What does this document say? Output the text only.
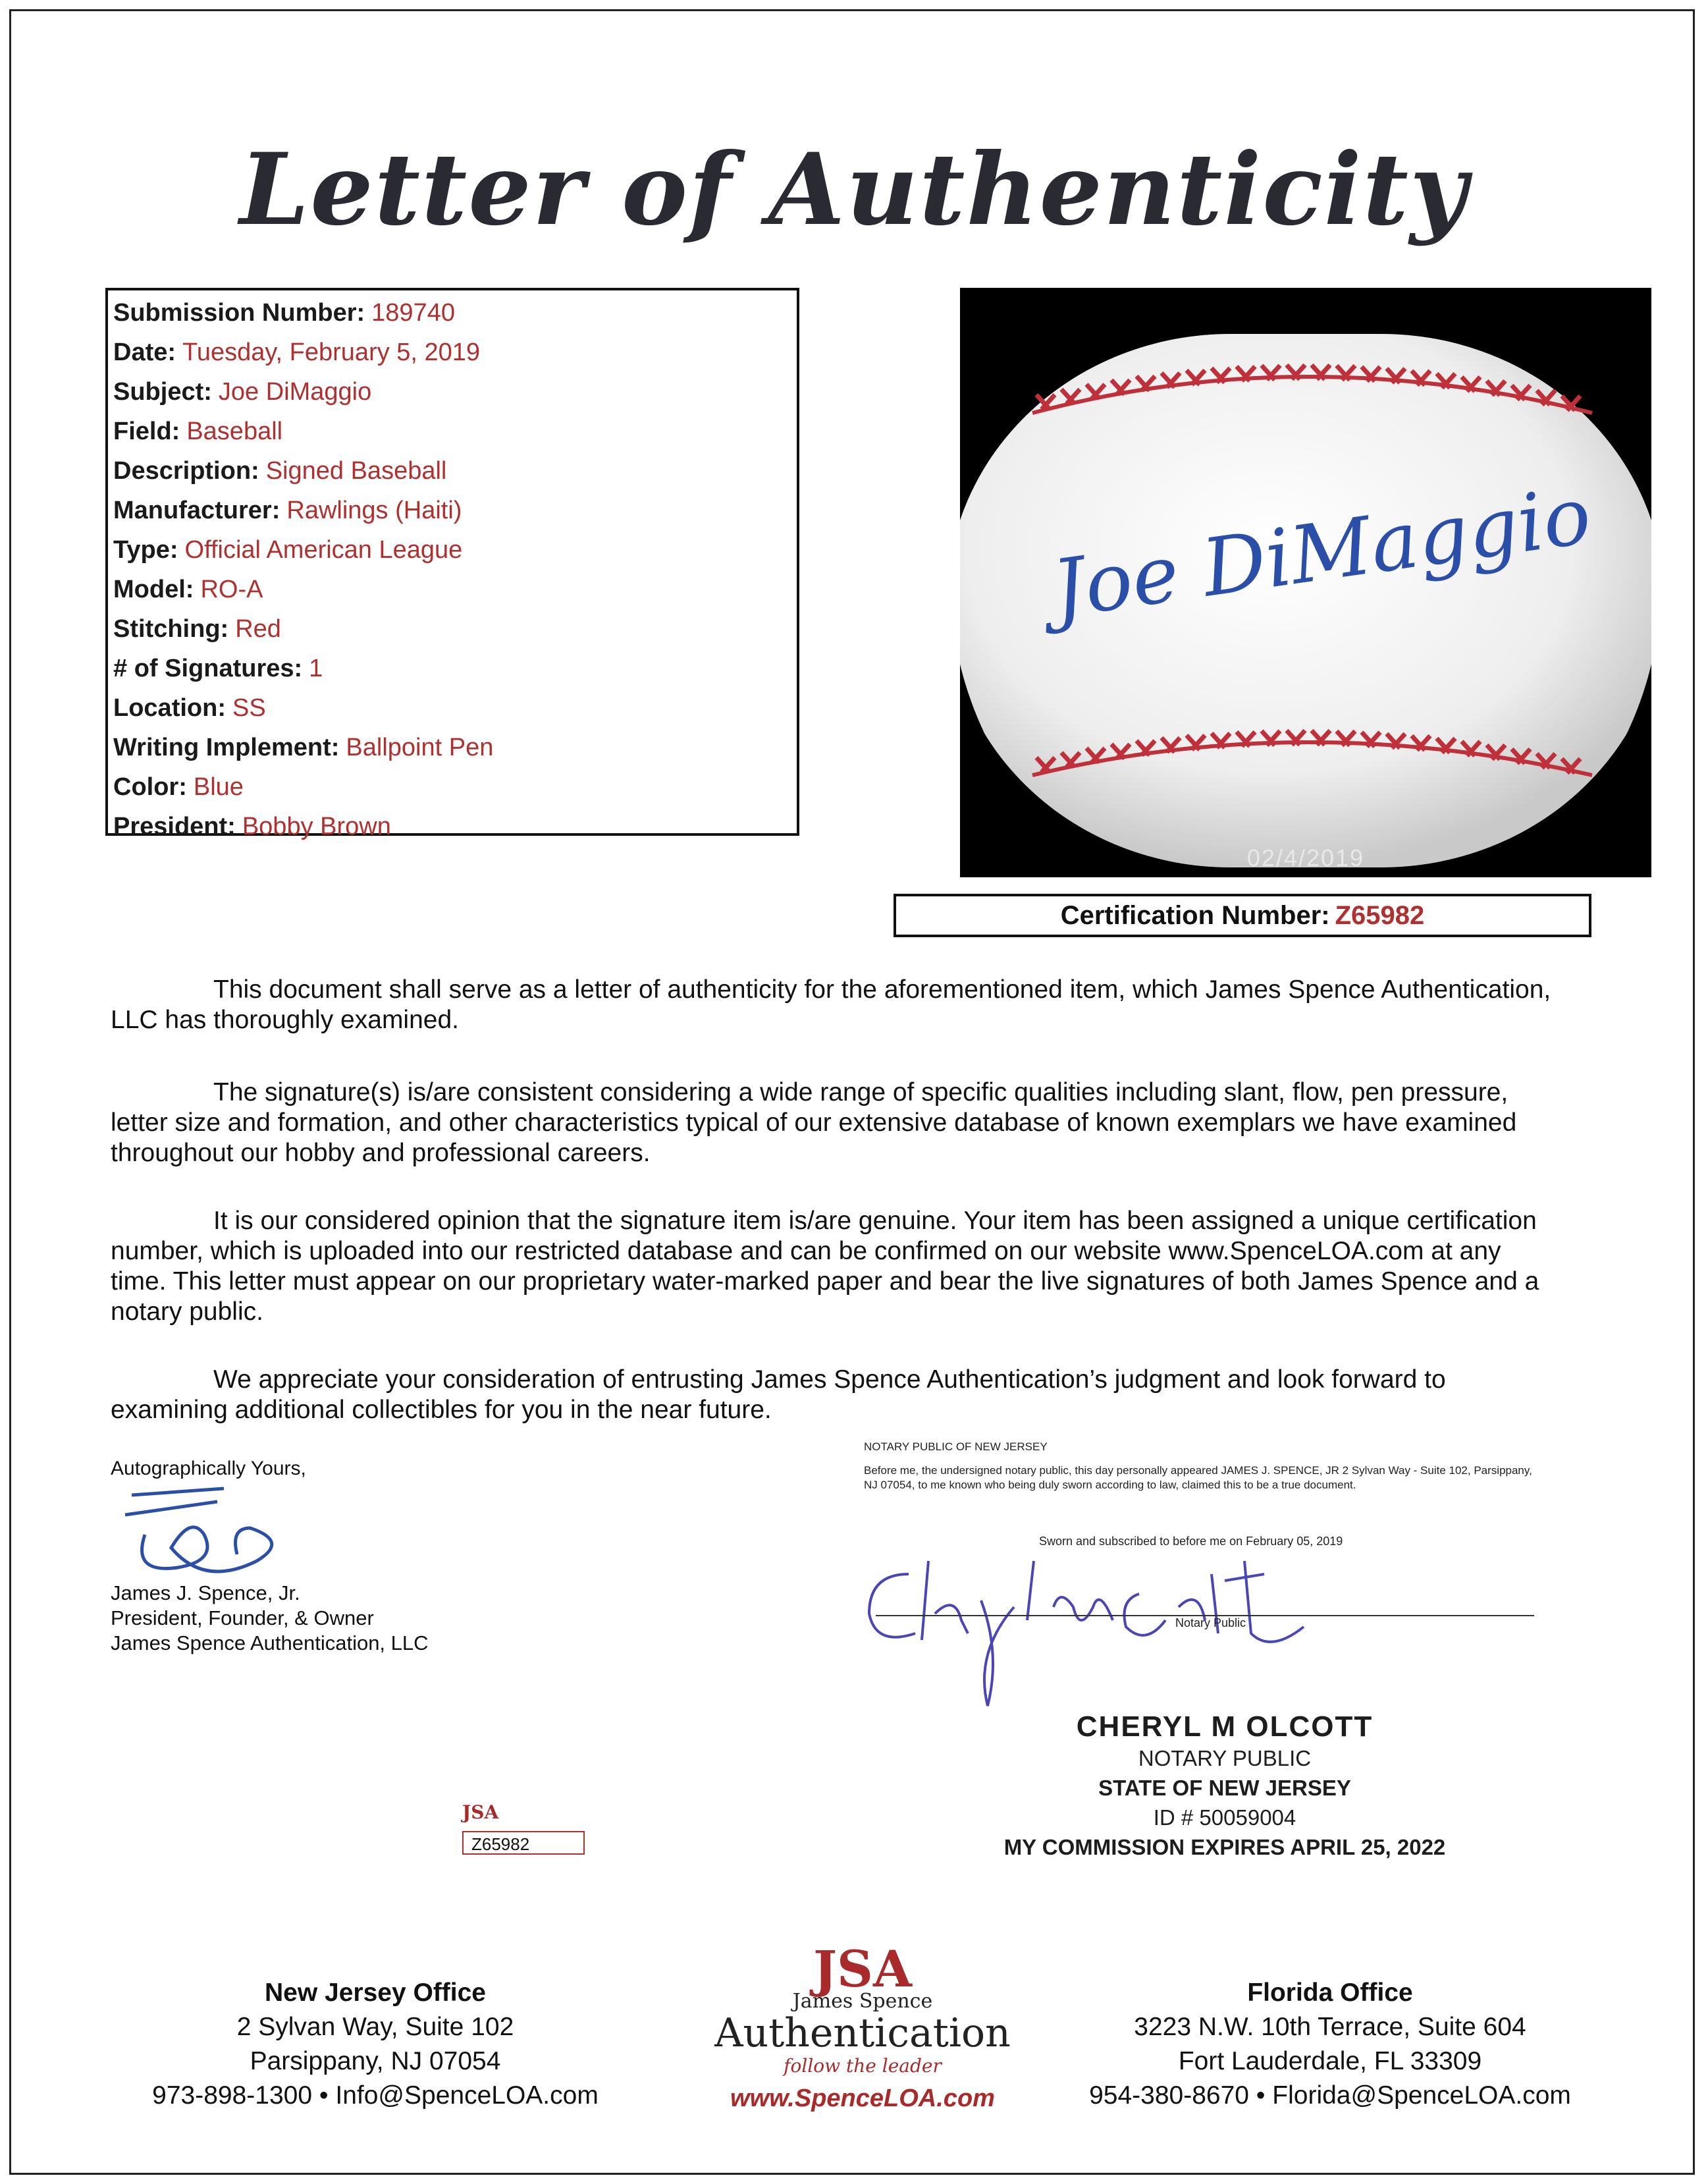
Letter of Authenticity
Submission Number: 189740
Date: Tuesday, February 5, 2019
Subject: Joe DiMaggio
Field: Baseball
Description: Signed Baseball
Manufacturer: Rawlings (Haiti)
Type: Official American League
Model: RO-A
Stitching: Red
# of Signatures: 1
Location: SS
Writing Implement: Ballpoint Pen
Color: Blue
President: Bobby Brown
Joe DiMaggio
02/4/2019
Certification Number: Z65982

This document shall serve as a letter of authenticity for the aforementioned item, which James Spence Authentication, LLC has thoroughly examined.

The signature(s) is/are consistent considering a wide range of specific qualities including slant, flow, pen pressure, letter size and formation, and other characteristics typical of our extensive database of known exemplars we have examined throughout our hobby and professional careers.

It is our considered opinion that the signature item is/are genuine. Your item has been assigned a unique certification number, which is uploaded into our restricted database and can be confirmed on our website www.SpenceLOA.com at any time. This letter must appear on our proprietary water-marked paper and bear the live signatures of both James Spence and a notary public.

We appreciate your consideration of entrusting James Spence Authentication’s judgment and look forward to examining additional collectibles for you in the near future.

Autographically Yours,
James J. Spence, Jr.
President, Founder, & Owner
James Spence Authentication, LLC
NOTARY PUBLIC OF NEW JERSEY
Before me, the undersigned notary public, this day personally appeared JAMES J. SPENCE, JR 2 Sylvan Way - Suite 102, Parsippany, NJ 07054, to me known who being duly sworn according to law, claimed this to be a true document.
Sworn and subscribed to before me on February 05, 2019
Notary Public
CHERYL M OLCOTT
NOTARY PUBLIC
STATE OF NEW JERSEY
ID # 50059004
MY COMMISSION EXPIRES APRIL 25, 2022
JSA
Z65982
New Jersey Office
2 Sylvan Way, Suite 102
Parsippany, NJ 07054
973-898-1300 • Info@SpenceLOA.com
JSA
James Spence
Authentication
follow the leader
www.SpenceLOA.com
Florida Office
3223 N.W. 10th Terrace, Suite 604
Fort Lauderdale, FL 33309
954-380-8670 • Florida@SpenceLOA.com
